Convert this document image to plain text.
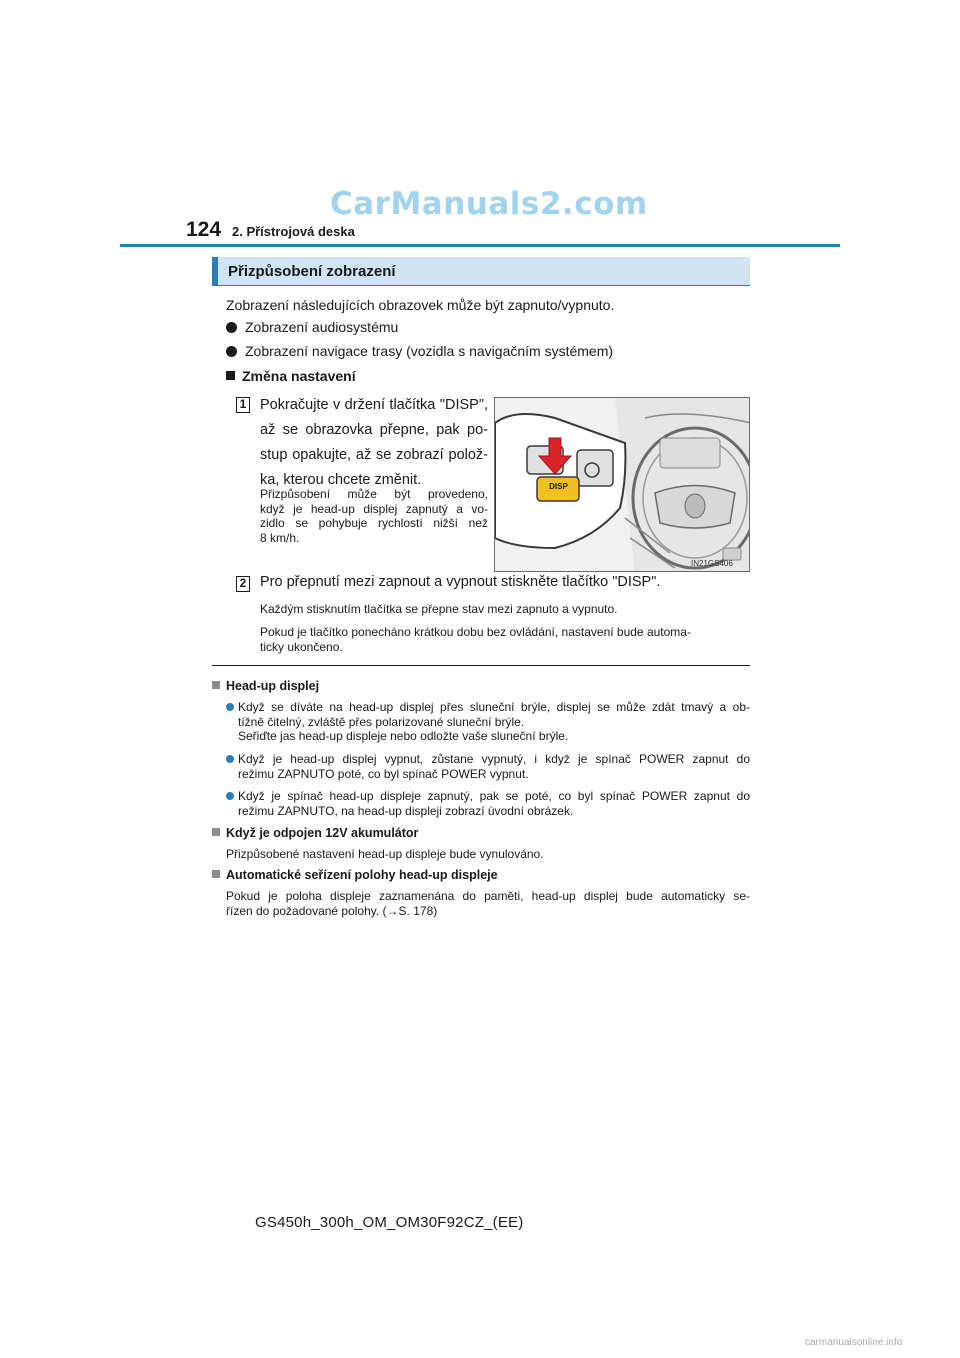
CarManuals2.com
124 2. Přístrojová deska
Přizpůsobení zobrazení
Zobrazení následujících obrazovek může být zapnuto/vypnuto.
Zobrazení audiosystému
Zobrazení navigace trasy (vozidla s navigačním systémem)
Změna nastavení
1 Pokračujte v držení tlačítka "DISP",
až se obrazovka přepne, pak po-
stup opakujte, až se zobrazí polož-
ka, kterou chcete změnit.
Přizpůsobení může být provedeno,
když je head-up displej zapnutý a vo-
zidlo se pohybuje rychlostí nižší než
8 km/h.
DISP
IN21GS406
2 Pro přepnutí mezi zapnout a vypnout stiskněte tlačítko "DISP".
Každým stisknutím tlačítka se přepne stav mezi zapnuto a vypnuto.
Pokud je tlačítko ponecháno krátkou dobu bez ovládání, nastavení bude automa-
ticky ukončeno.
Head-up displej
Když se díváte na head-up displej přes sluneční brýle, displej se může zdát tmavý a ob-
tížně čitelný, zvláště přes polarizované sluneční brýle.
Seřiďte jas head-up displeje nebo odložte vaše sluneční brýle.
Když je head-up displej vypnut, zůstane vypnutý, i když je spínač POWER zapnut do
režimu ZAPNUTO poté, co byl spínač POWER vypnut.
Když je spínač head-up displeje zapnutý, pak se poté, co byl spínač POWER zapnut do
režimu ZAPNUTO, na head-up displeji zobrazí úvodní obrázek.
Když je odpojen 12V akumulátor
Přizpůsobené nastavení head-up displeje bude vynulováno.
Automatické seřízení polohy head-up displeje
Pokud je poloha displeje zaznamenána do paměti, head-up displej bude automaticky se-
řízen do požadované polohy. (→S. 178)
GS450h_300h_OM_OM30F92CZ_(EE)
carmanualsonline.info
